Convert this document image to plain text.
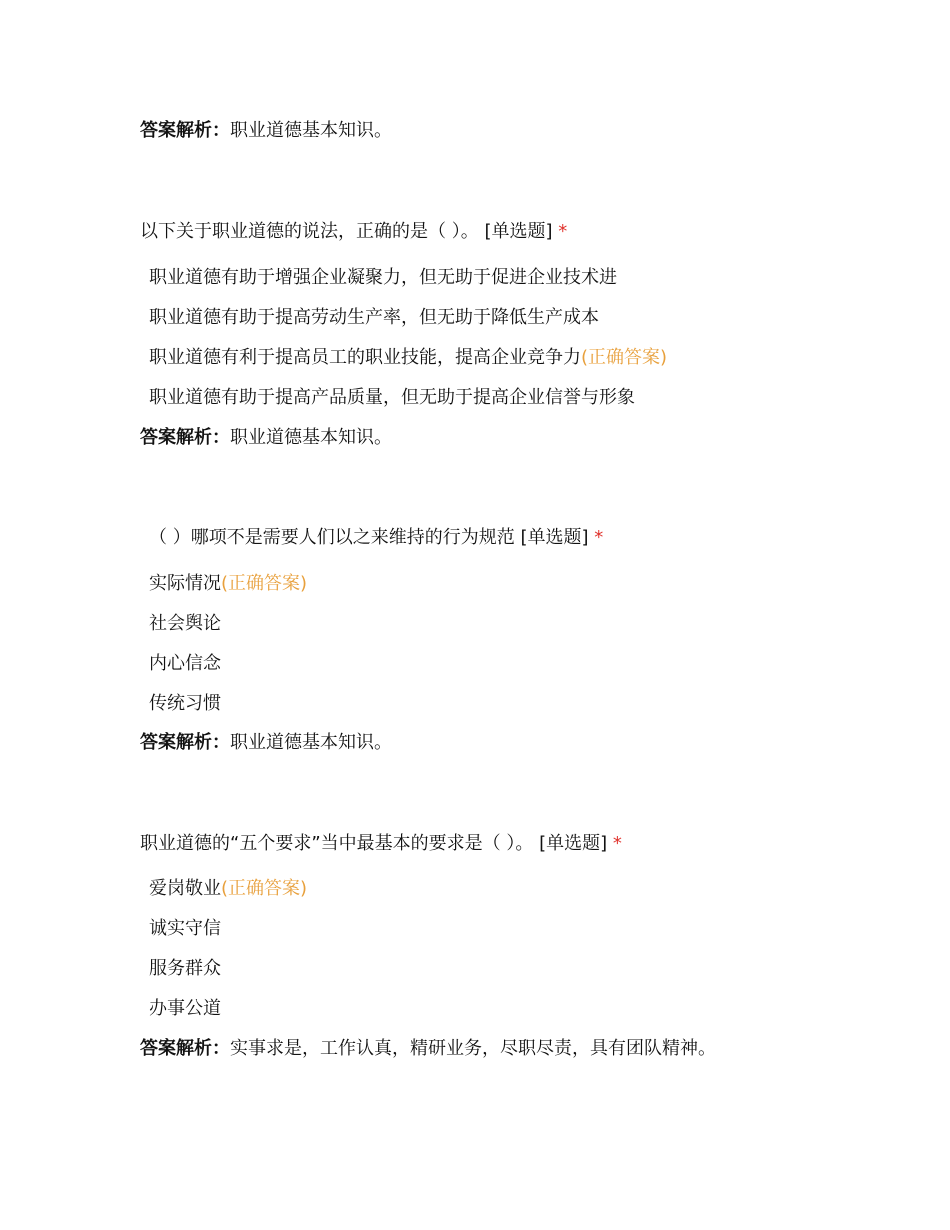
答案解析：职业道德基本知识。
以下关于职业道德的说法，正确的是（ ）。 [单选题] *
职业道德有助于增强企业凝聚力，但无助于促进企业技术进
职业道德有助于提高劳动生产率，但无助于降低生产成本
职业道德有利于提高员工的职业技能，提高企业竞争力(正确答案)
职业道德有助于提高产品质量，但无助于提高企业信誉与形象
答案解析：职业道德基本知识。
（ ）哪项不是需要人们以之来维持的行为规范 [单选题] *
实际情况(正确答案)
社会舆论
内心信念
传统习惯
答案解析：职业道德基本知识。
职业道德的“五个要求”当中最基本的要求是（ ）。 [单选题] *
爱岗敬业(正确答案)
诚实守信
服务群众
办事公道
答案解析：实事求是，工作认真，精研业务，尽职尽责，具有团队精神。
